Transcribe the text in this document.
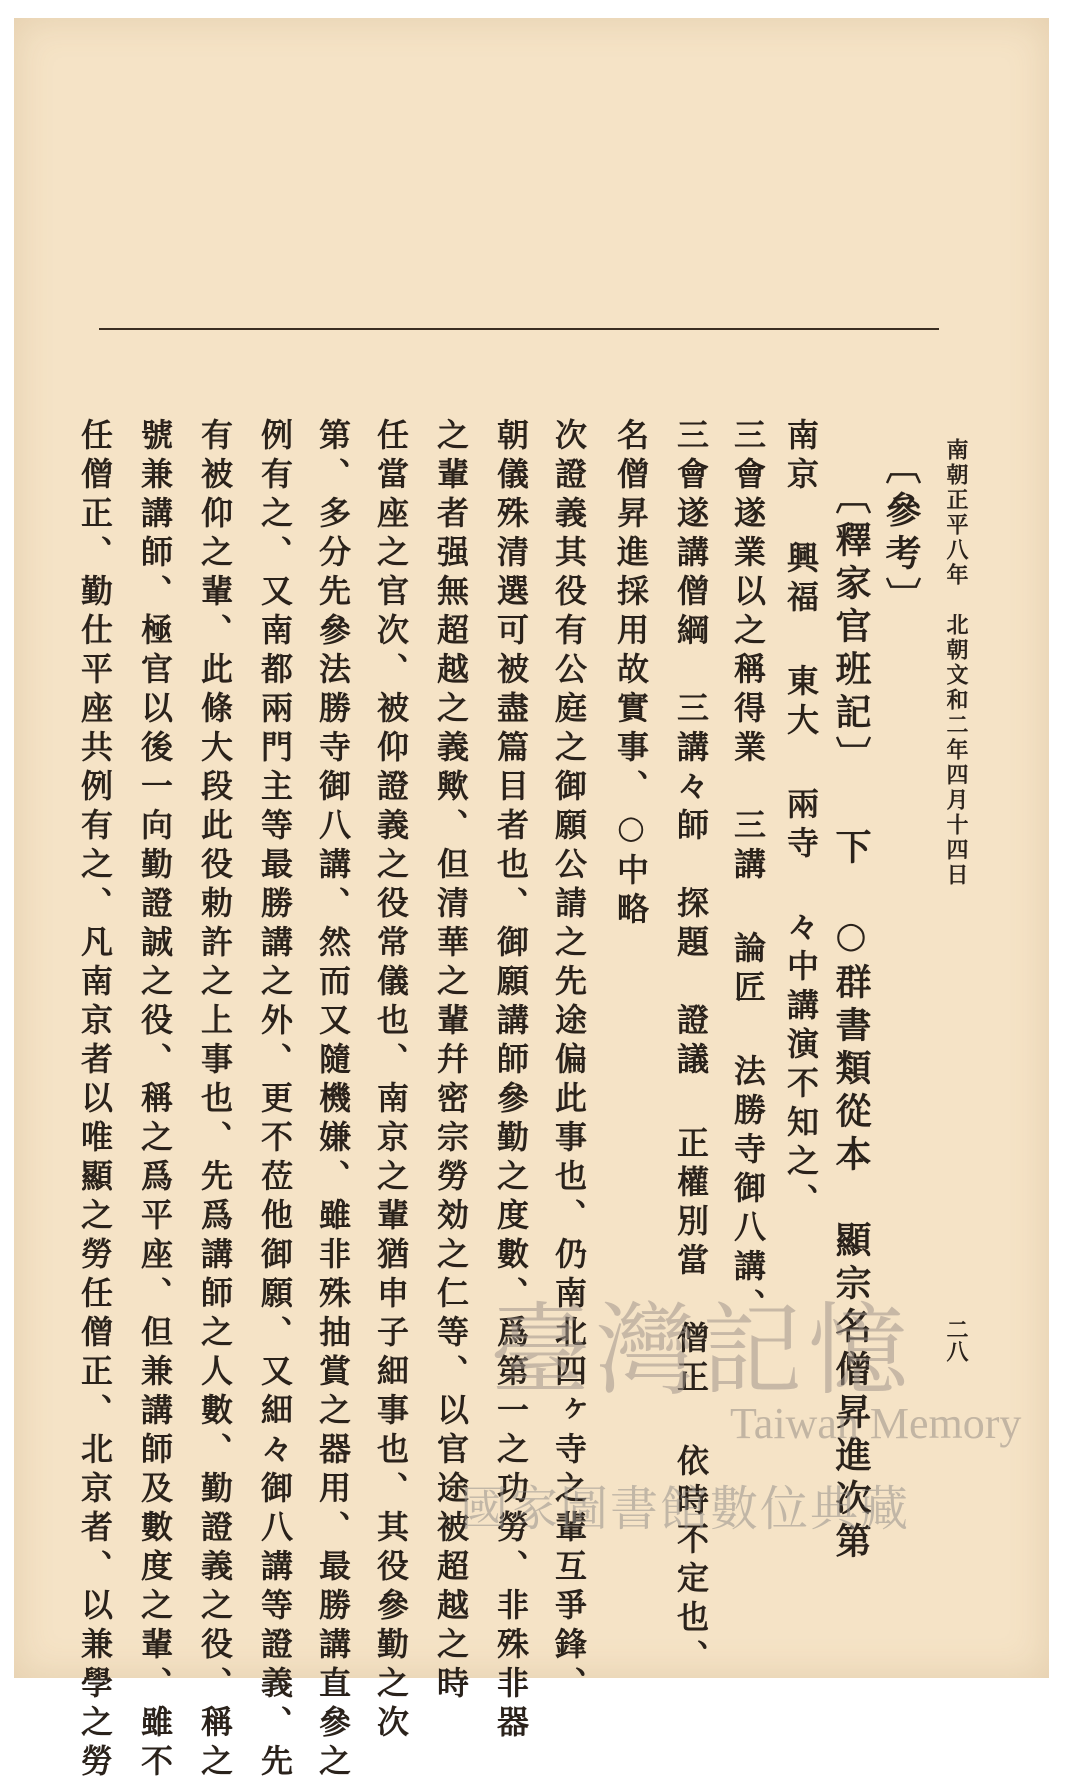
南朝正平八年　北朝文和二年四月十四日
二八
〔參考〕
〔釋家官班記〕 下　○群書類從本　顯宗名僧昇進次第
南京 興福 東大 兩寺 々中講演不知之、
三會遂業以之稱得業　三講 論匠 法勝寺御八講、
三會遂講僧綱　三講々師　探題　證議 正權別當　僧正 依時不定也、
名僧昇進採用故實事、○中略
次證義其役有公庭之御願公請之先途偏此事也、仍南北四ヶ寺之輩互爭鋒、
朝儀殊清選可被盡篇目者也、御願講師參勤之度數、爲第一之功勞、非殊非器
之輩者强無超越之義歟、但清華之輩幷密宗勞効之仁等、以官途被超越之時
任當座之官次、被仰證義之役常儀也、南京之輩猶申子細事也、其役參勤之次
第、多分先參法勝寺御八講、然而又隨機嫌、雖非殊抽賞之器用、最勝講直參之
例有之、又南都兩門主等最勝講之外、更不莅他御願、又細々御八講等證義、先
有被仰之輩、此條大段此役勅許之上事也、先爲講師之人數、勤證義之役、稱之
號兼講師、極官以後一向勤證誠之役、稱之爲平座、但兼講師及數度之輩、雖不
任僧正、勤仕平座共例有之、凡南京者以唯顯之勞任僧正、北京者、以兼學之勞	臺灣記憶
Taiwan Memory
國家圖書館數位典藏
